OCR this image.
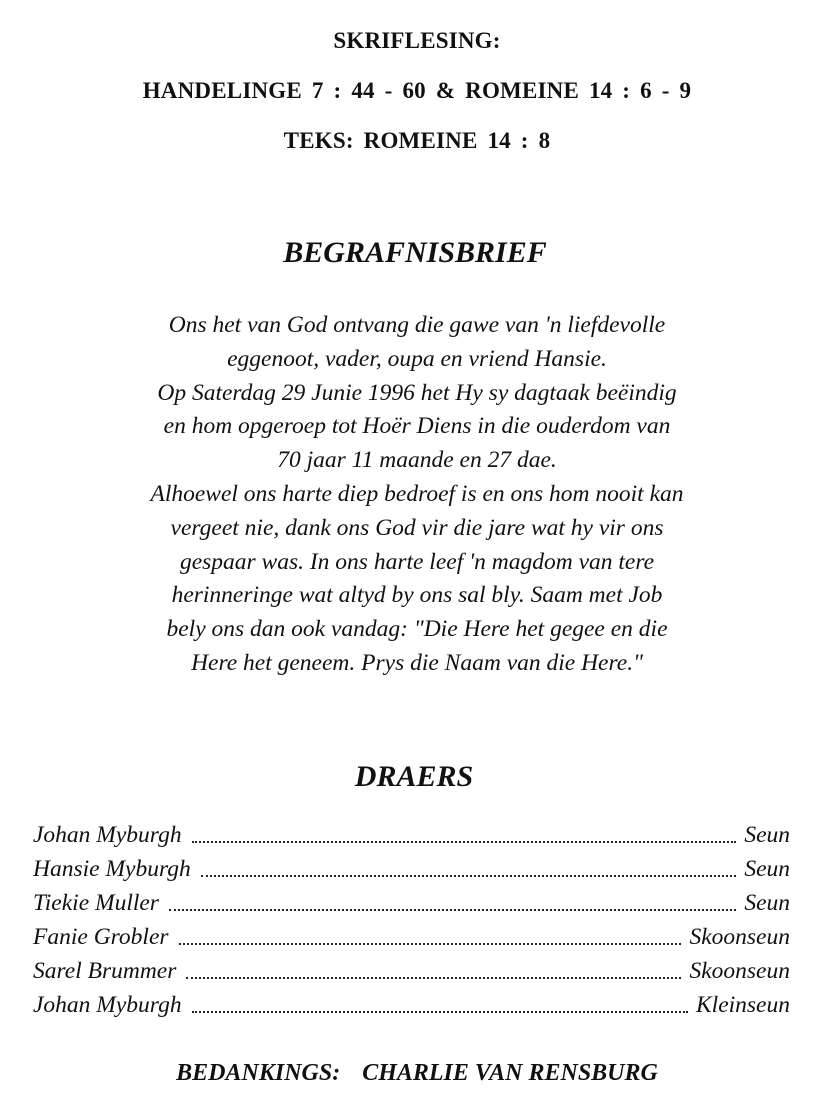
SKRIFLESING:
HANDELINGE 7 : 44 - 60 & ROMEINE 14 : 6 - 9
TEKS: ROMEINE 14 : 8
BEGRAFNISBRIEF
Ons het van God ontvang die gawe van 'n liefdevolle
eggenoot, vader, oupa en vriend Hansie.
Op Saterdag 29 Junie 1996 het Hy sy dagtaak beëindig
en hom opgeroep tot Hoër Diens in die ouderdom van
70 jaar 11 maande en 27 dae.
Alhoewel ons harte diep bedroef is en ons hom nooit kan
vergeet nie, dank ons God vir die jare wat hy vir ons
gespaar was. In ons harte leef 'n magdom van tere
herinneringe wat altyd by ons sal bly. Saam met Job
bely ons dan ook vandag: "Die Here het gegee en die
Here het geneem. Prys die Naam van die Here."
DRAERS
Johan Myburgh	Seun
Hansie Myburgh	Seun
Tiekie Muller	Seun
Fanie Grobler	Skoonseun
Sarel Brummer	Skoonseun
Johan Myburgh	Kleinseun
BEDANKINGS: CHARLIE VAN RENSBURG
